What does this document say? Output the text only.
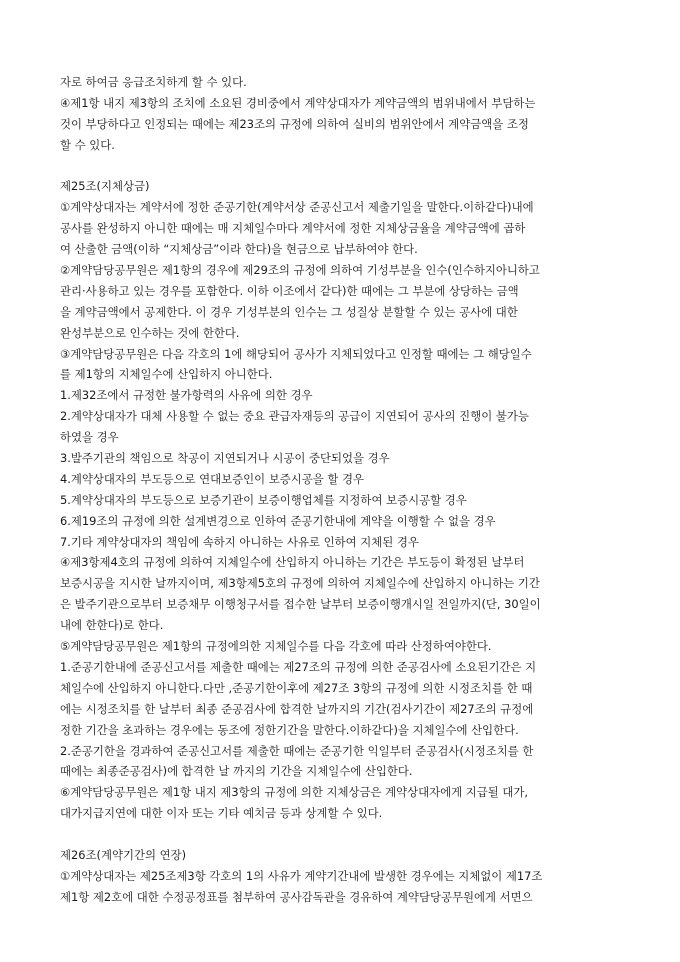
자로 하여금 응급조치하게 할 수 있다.
④제1항 내지 제3항의 조치에 소요된 경비중에서 계약상대자가 계약금액의 범위내에서 부담하는
것이 부당하다고 인정되는 때에는 제23조의 규정에 의하여 실비의 범위안에서 계약금액을 조정
할 수 있다.
제25조(지체상금)
①계약상대자는 계약서에 정한 준공기한(계약서상 준공신고서 제출기일을 말한다.이하같다)내에
공사를 완성하지 아니한 때에는 매 지체일수마다 계약서에 정한 지체상금율을 계약금액에 곱하
여 산출한 금액(이하 “지체상금”이라 한다)을 현금으로 납부하여야 한다.
②계약담당공무원은 제1항의 경우에 제29조의 규정에 의하여 기성부분을 인수(인수하지아니하고
관리·사용하고 있는 경우를 포함한다. 이하 이조에서 같다)한 때에는 그 부분에 상당하는 금액
을 계약금액에서 공제한다. 이 경우 기성부분의 인수는 그 성질상 분할할 수 있는 공사에 대한
완성부분으로 인수하는 것에 한한다.
③계약담당공무원은 다음 각호의 1에 해당되어 공사가 지체되었다고 인정할 때에는 그 해당일수
를 제1항의 지체일수에 산입하지 아니한다.
1.제32조에서 규정한 불가항력의 사유에 의한 경우
2.계약상대자가 대체 사용할 수 없는 중요 관급자재등의 공급이 지연되어 공사의 진행이 불가능
하였을 경우
3.발주기관의 책임으로 착공이 지연되거나 시공이 중단되었을 경우
4.계약상대자의 부도등으로 연대보증인이 보증시공을 할 경우
5.계약상대자의 부도등으로 보증기관이 보증이행업체를 지정하여 보증시공할 경우
6.제19조의 규정에 의한 설계변경으로 인하여 준공기한내에 계약을 이행할 수 없을 경우
7.기타 계약상대자의 책임에 속하지 아니하는 사유로 인하여 지체된 경우
④제3항제4호의 규정에 의하여 지체일수에 산입하지 아니하는 기간은 부도등이 확정된 날부터
보증시공을 지시한 날까지이며, 제3항제5호의 규정에 의하여 지체일수에 산입하지 아니하는 기간
은 발주기관으로부터 보증채무 이행청구서를 접수한 날부터 보증이행개시일 전일까지(단, 30일이
내에 한한다)로 한다.
⑤계약담당공무원은 제1항의 규정에의한 지체일수를 다음 각호에 따라 산정하여야한다.
1.준공기한내에 준공신고서를 제출한 때에는 제27조의 규정에 의한 준공검사에 소요된기간은 지
체일수에 산입하지 아니한다.다만 ,준공기한이후에 제27조 3항의 규정에 의한 시정조치를 한 때
에는 시정조치를 한 날부터 최종 준공검사에 합격한 날까지의 기간(검사기간이 제27조의 규정에
정한 기간을 초과하는 경우에는 동조에 정한기간을 말한다.이하같다)을 지체일수에 산입한다.
2.준공기한을 경과하여 준공신고서를 제출한 때에는 준공기한 익일부터 준공검사(시정조치를 한
때에는 최종준공검사)에 합격한 날 까지의 기간을 지체일수에 산입한다.
⑥계약담당공무원은 제1항 내지 제3항의 규정에 의한 지체상금은 계약상대자에게 지급될 대가,
대가지급지연에 대한 이자 또는 기타 예치금 등과 상계할 수 있다.
제26조(계약기간의 연장)
①계약상대자는 제25조제3항 각호의 1의 사유가 계약기간내에 발생한 경우에는 지체없이 제17조
제1항 제2호에 대한 수정공정표를 첨부하여 공사감독관을 경유하여 계약담당공무원에게 서면으
